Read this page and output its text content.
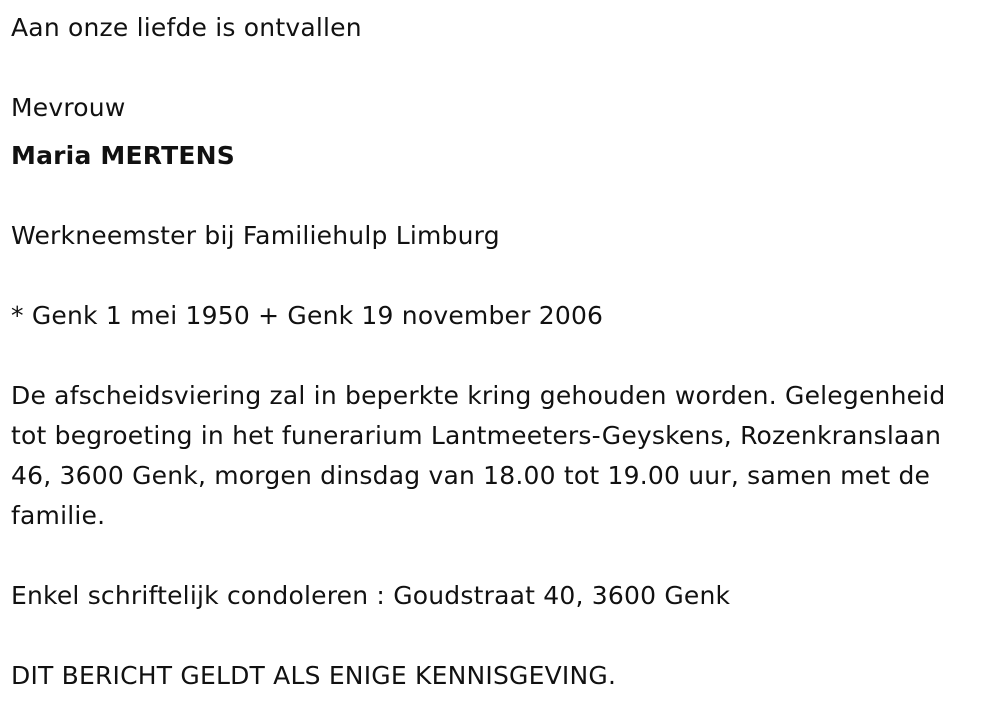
Aan onze liefde is ontvallen
Mevrouw
Maria MERTENS
Werkneemster bij Familiehulp Limburg
* Genk 1 mei 1950 + Genk 19 november 2006
De afscheidsviering zal in beperkte kring gehouden worden. Gelegenheid
tot begroeting in het funerarium Lantmeeters-Geyskens, Rozenkranslaan
46, 3600 Genk, morgen dinsdag van 18.00 tot 19.00 uur, samen met de
familie.
Enkel schriftelijk condoleren : Goudstraat 40, 3600 Genk
DIT BERICHT GELDT ALS ENIGE KENNISGEVING.
